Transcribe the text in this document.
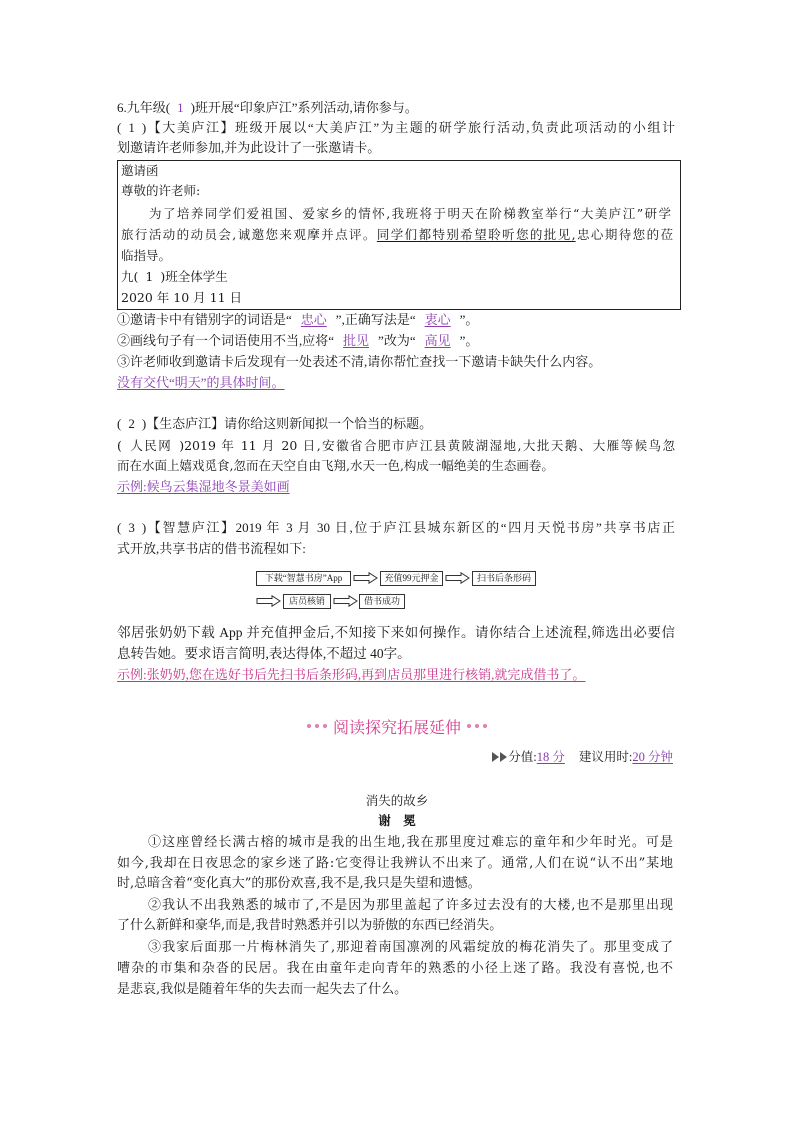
6.九年级( 1 )班开展“印象庐江”系列活动,请你参与。
( 1 )【大美庐江】班级开展以“大美庐江”为主题的研学旅行活动,负责此项活动的小组计
划邀请许老师参加,并为此设计了一张邀请卡。
邀请函
尊敬的许老师:
为了培养同学们爱祖国、爱家乡的情怀,我班将于明天在阶梯教室举行“大美庐江”研学
旅行活动的动员会,诚邀您来观摩并点评。同学们都特别希望聆听您的批见,忠心期待您的莅
临指导。
九( 1 )班全体学生
2020 年 10 月 11 日
①邀请卡中有错别字的词语是“ 忠心 ”,正确写法是“ 衷心 ”。
②画线句子有一个词语使用不当,应将“ 批见 ”改为“ 高见 ”。
③许老师收到邀请卡后发现有一处表述不清,请你帮忙查找一下邀请卡缺失什么内容。
没有交代“明天”的具体时间。
( 2 )【生态庐江】请你给这则新闻拟一个恰当的标题。
( 人民网 )2019 年 11 月 20 日,安徽省合肥市庐江县黄陂湖湿地,大批天鹅、大雁等候鸟忽
而在水面上嬉戏觅食,忽而在天空自由飞翔,水天一色,构成一幅绝美的生态画卷。
示例:候鸟云集湿地冬景美如画
( 3 )【智慧庐江】2019 年 3 月 30 日,位于庐江县城东新区的“四月天悦书房”共享书店正
式开放,共享书店的借书流程如下:
下载“智慧书房”App	充值99元押金	扫书后条形码
店员核销	借书成功
邻居张奶奶下载 App 并充值押金后,不知接下来如何操作。请你结合上述流程,筛选出必要信
息转告她。要求语言简明,表达得体,不超过 40字。
示例:张奶奶,您在选好书后先扫书后条形码,再到店员那里进行核销,就完成借书了。
阅读探究拓展延伸
分值: 18 分 建议用时: 20 分钟
消失的故乡
谢　冕
①这座曾经长满古榕的城市是我的出生地,我在那里度过难忘的童年和少年时光。可是
如今,我却在日夜思念的家乡迷了路:它变得让我辨认不出来了。通常,人们在说“认不出”某地
时,总暗含着“变化真大”的那份欢喜,我不是,我只是失望和遗憾。
②我认不出我熟悉的城市了,不是因为那里盖起了许多过去没有的大楼,也不是那里出现
了什么新鲜和豪华,而是,我昔时熟悉并引以为骄傲的东西已经消失。
③我家后面那一片梅林消失了,那迎着南国凛冽的风霜绽放的梅花消失了。那里变成了
嘈杂的市集和杂沓的民居。我在由童年走向青年的熟悉的小径上迷了路。我没有喜悦,也不
是悲哀,我似是随着年华的失去而一起失去了什么。
